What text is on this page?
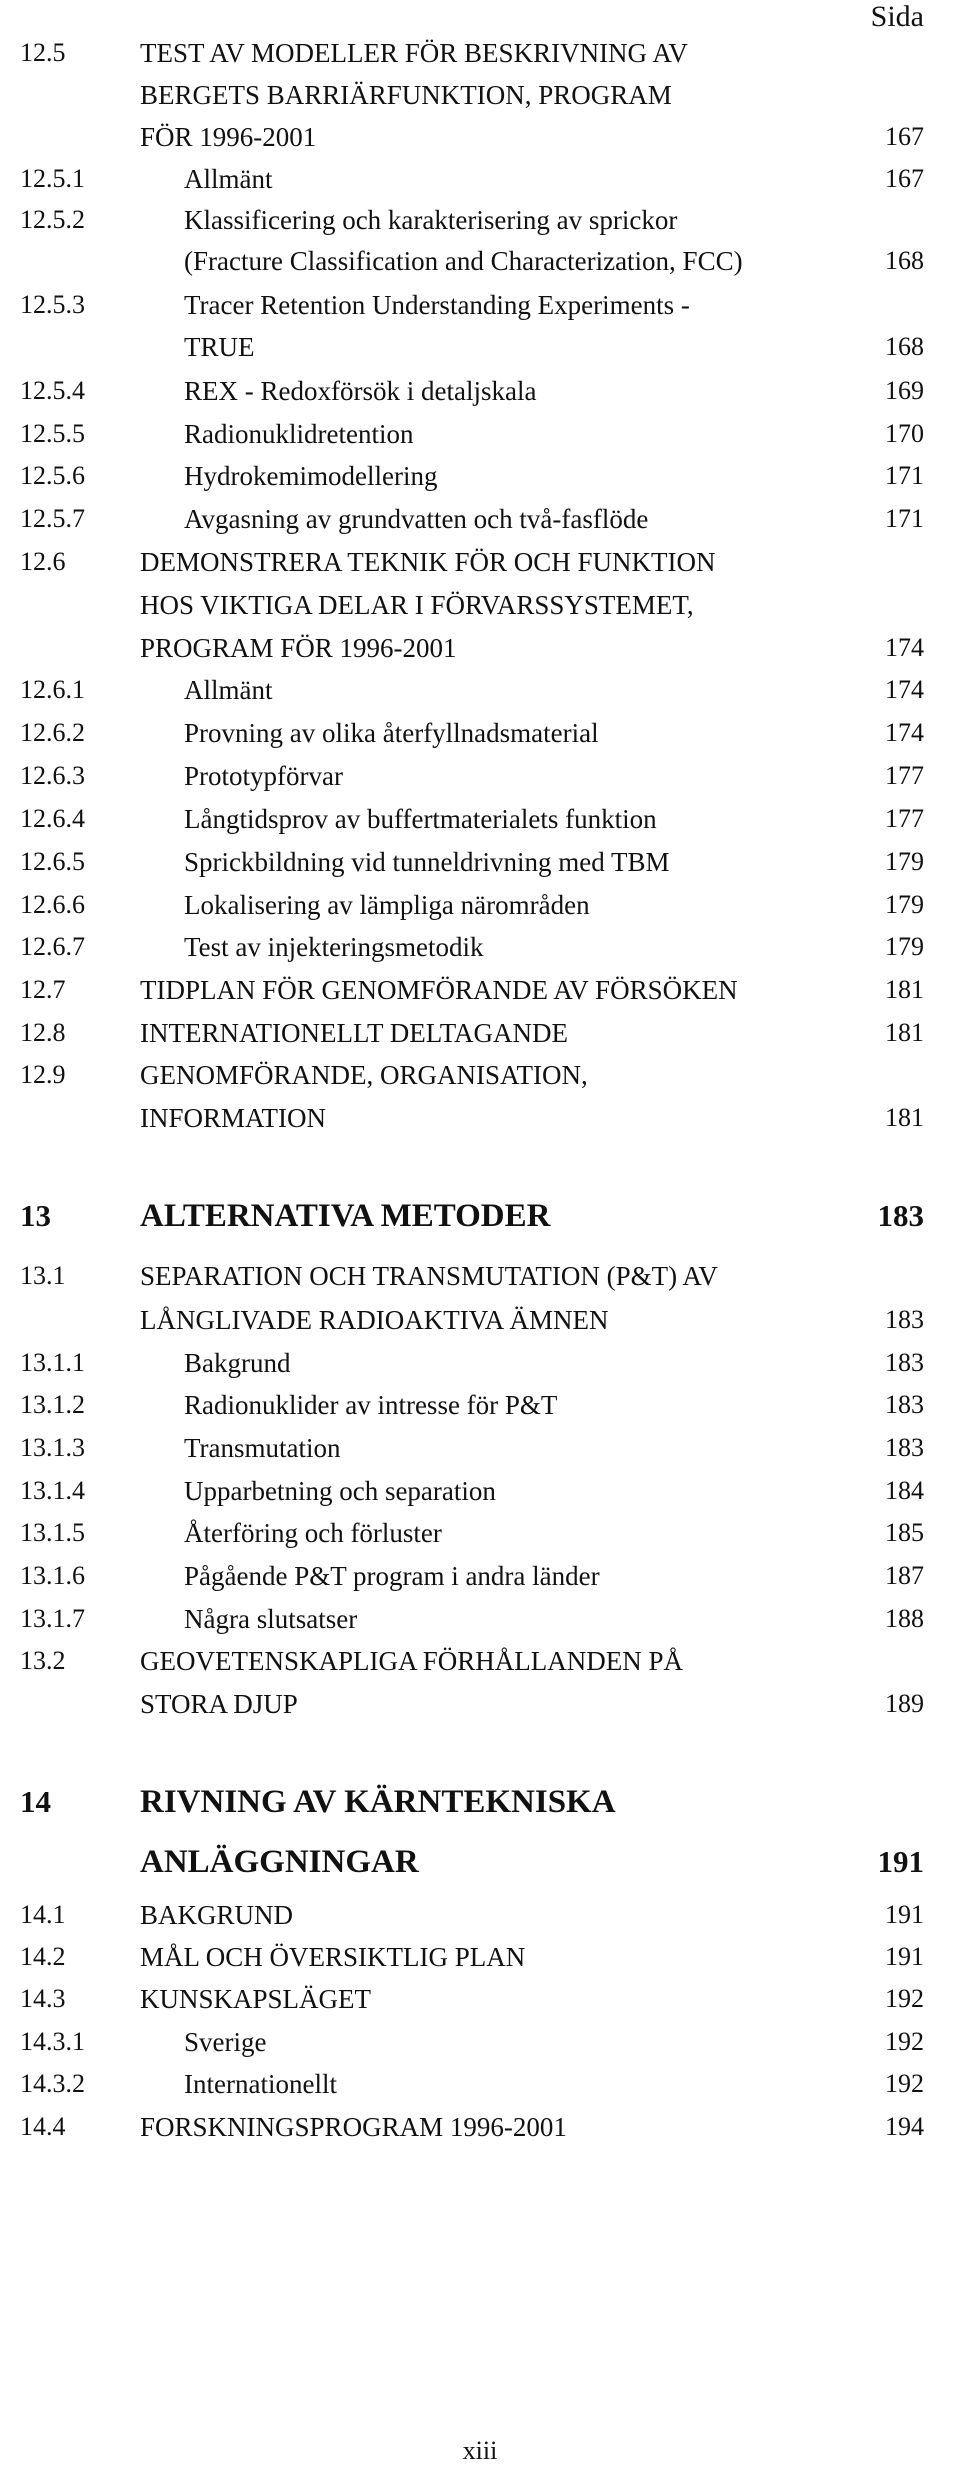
Sida
12.5	TEST AV MODELLER FÖR BESKRIVNING AV
BERGETS BARRIÄRFUNKTION, PROGRAM
FÖR 1996-2001	167
12.5.1	Allmänt	167
12.5.2	Klassificering och karakterisering av sprickor
(Fracture Classification and Characterization, FCC)	168
12.5.3	Tracer Retention Understanding Experiments -
TRUE	168
12.5.4	REX - Redoxförsök i detaljskala	169
12.5.5	Radionuklidretention	170
12.5.6	Hydrokemimodellering	171
12.5.7	Avgasning av grundvatten och två-fasflöde	171
12.6	DEMONSTRERA TEKNIK FÖR OCH FUNKTION
HOS VIKTIGA DELAR I FÖRVARSSYSTEMET,
PROGRAM FÖR 1996-2001	174
12.6.1	Allmänt	174
12.6.2	Provning av olika återfyllnadsmaterial	174
12.6.3	Prototypförvar	177
12.6.4	Långtidsprov av buffertmaterialets funktion	177
12.6.5	Sprickbildning vid tunneldrivning med TBM	179
12.6.6	Lokalisering av lämpliga närområden	179
12.6.7	Test av injekteringsmetodik	179
12.7	TIDPLAN FÖR GENOMFÖRANDE AV FÖRSÖKEN	181
12.8	INTERNATIONELLT DELTAGANDE	181
12.9	GENOMFÖRANDE, ORGANISATION,
INFORMATION	181
13	ALTERNATIVA METODER	183
13.1	SEPARATION OCH TRANSMUTATION (P&T) AV
LÅNGLIVADE RADIOAKTIVA ÄMNEN	183
13.1.1	Bakgrund	183
13.1.2	Radionuklider av intresse för P&T	183
13.1.3	Transmutation	183
13.1.4	Upparbetning och separation	184
13.1.5	Återföring och förluster	185
13.1.6	Pågående P&T program i andra länder	187
13.1.7	Några slutsatser	188
13.2	GEOVETENSKAPLIGA FÖRHÅLLANDEN PÅ
STORA DJUP	189
14	RIVNING AV KÄRNTEKNISKA
ANLÄGGNINGAR	191
14.1	BAKGRUND	191
14.2	MÅL OCH ÖVERSIKTLIG PLAN	191
14.3	KUNSKAPSLÄGET	192
14.3.1	Sverige	192
14.3.2	Internationellt	192
14.4	FORSKNINGSPROGRAM 1996-2001	194
xiii
